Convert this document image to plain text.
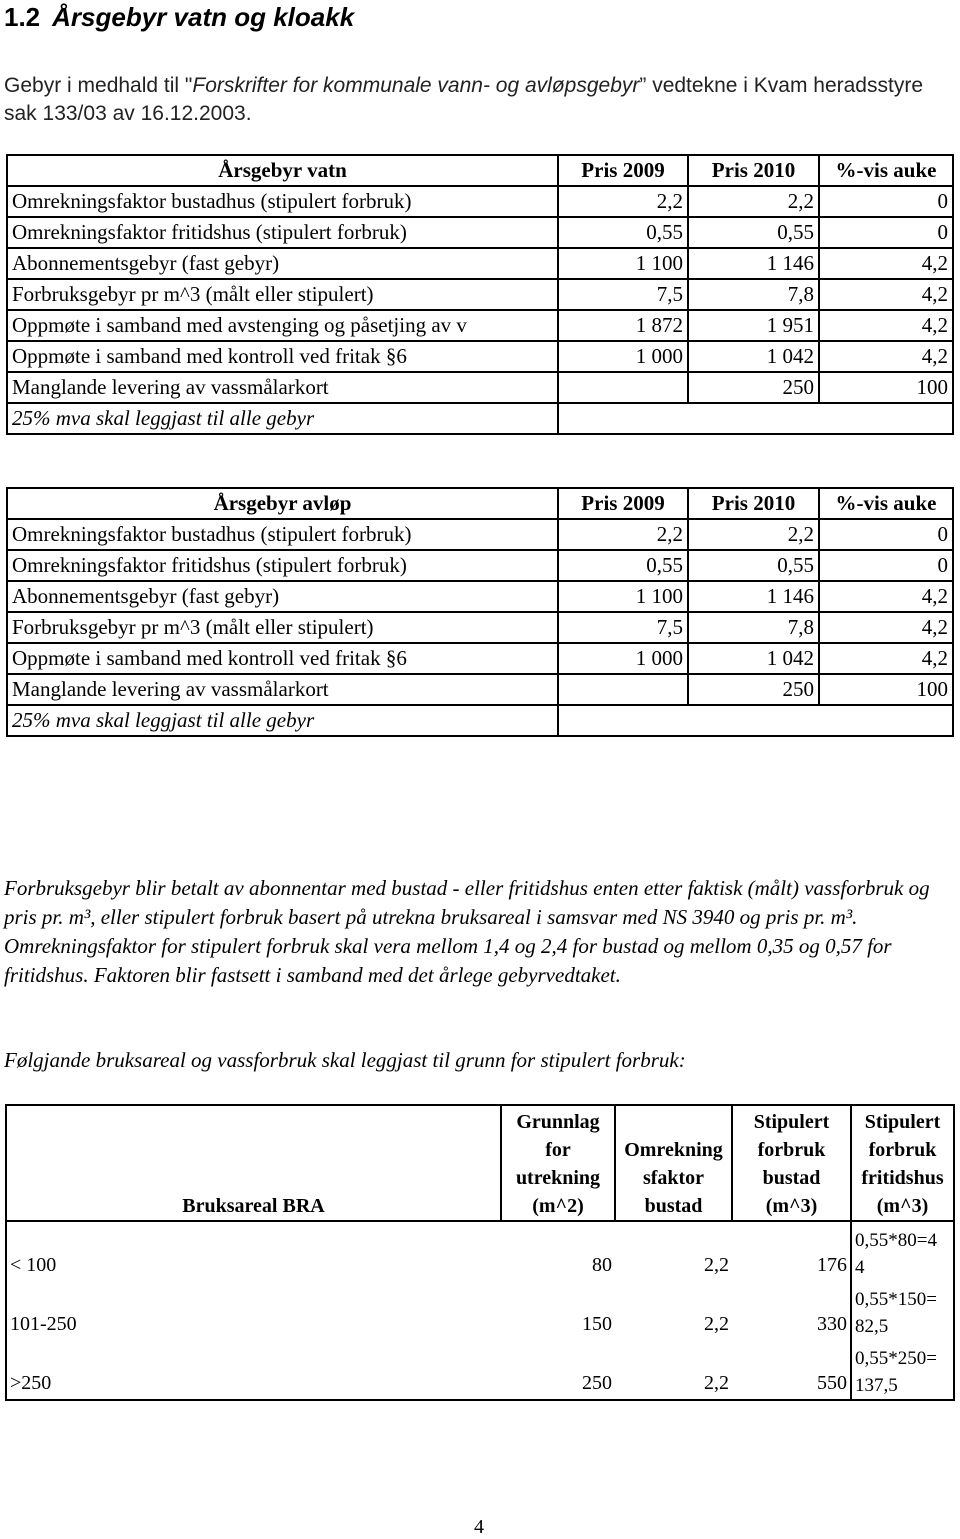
1.2 Årsgebyr vatn og kloakk
Gebyr i medhald til "Forskrifter for kommunale vann- og avløpsgebyr” vedtekne i Kvam heradsstyre sak 133/03 av 16.12.2003.
Årsgebyr vatn	Pris 2009	Pris 2010	%-vis auke
Omrekningsfaktor bustadhus (stipulert forbruk)	2,2	2,2	0
Omrekningsfaktor fritidshus (stipulert forbruk)	0,55	0,55	0
Abonnementsgebyr (fast gebyr)	1 100	1 146	4,2
Forbruksgebyr pr m^3 (målt eller stipulert)	7,5	7,8	4,2
Oppmøte i samband med avstenging og påsetjing av v	1 872	1 951	4,2
Oppmøte i samband med kontroll ved fritak §6	1 000	1 042	4,2
Manglande levering av vassmålarkort		250	100
25% mva skal leggjast til alle gebyr			
Årsgebyr avløp	Pris 2009	Pris 2010	%-vis auke
Omrekningsfaktor bustadhus (stipulert forbruk)	2,2	2,2	0
Omrekningsfaktor fritidshus (stipulert forbruk)	0,55	0,55	0
Abonnementsgebyr (fast gebyr)	1 100	1 146	4,2
Forbruksgebyr pr m^3 (målt eller stipulert)	7,5	7,8	4,2
Oppmøte i samband med kontroll ved fritak §6	1 000	1 042	4,2
Manglande levering av vassmålarkort		250	100
25% mva skal leggjast til alle gebyr			

Forbruksgebyr blir betalt av abonnentar med bustad - eller fritidshus enten etter faktisk (målt) vassforbruk og pris pr. m³, eller stipulert forbruk basert på utrekna bruksareal i samsvar med NS 3940 og pris pr. m³.

Omrekningsfaktor for stipulert forbruk skal vera mellom 1,4 og 2,4 for bustad og mellom 0,35 og 0,57 for fritidshus. Faktoren blir fastsett i samband med det årlege gebyrvedtaket.

Følgjande bruksareal og vassforbruk skal leggjast til grunn for stipulert forbruk:
Bruksareal BRA	Grunnlag for utrekning (m^2)	Omrekning sfaktor bustad	Stipulert forbruk bustad (m^3)	Stipulert forbruk fritidshus (m^3)
< 100	80	2,2	176	0,55*80=4 4
101-250	150	2,2	330	0,55*150= 82,5
>250	250	2,2	550	0,55*250= 137,5
4
